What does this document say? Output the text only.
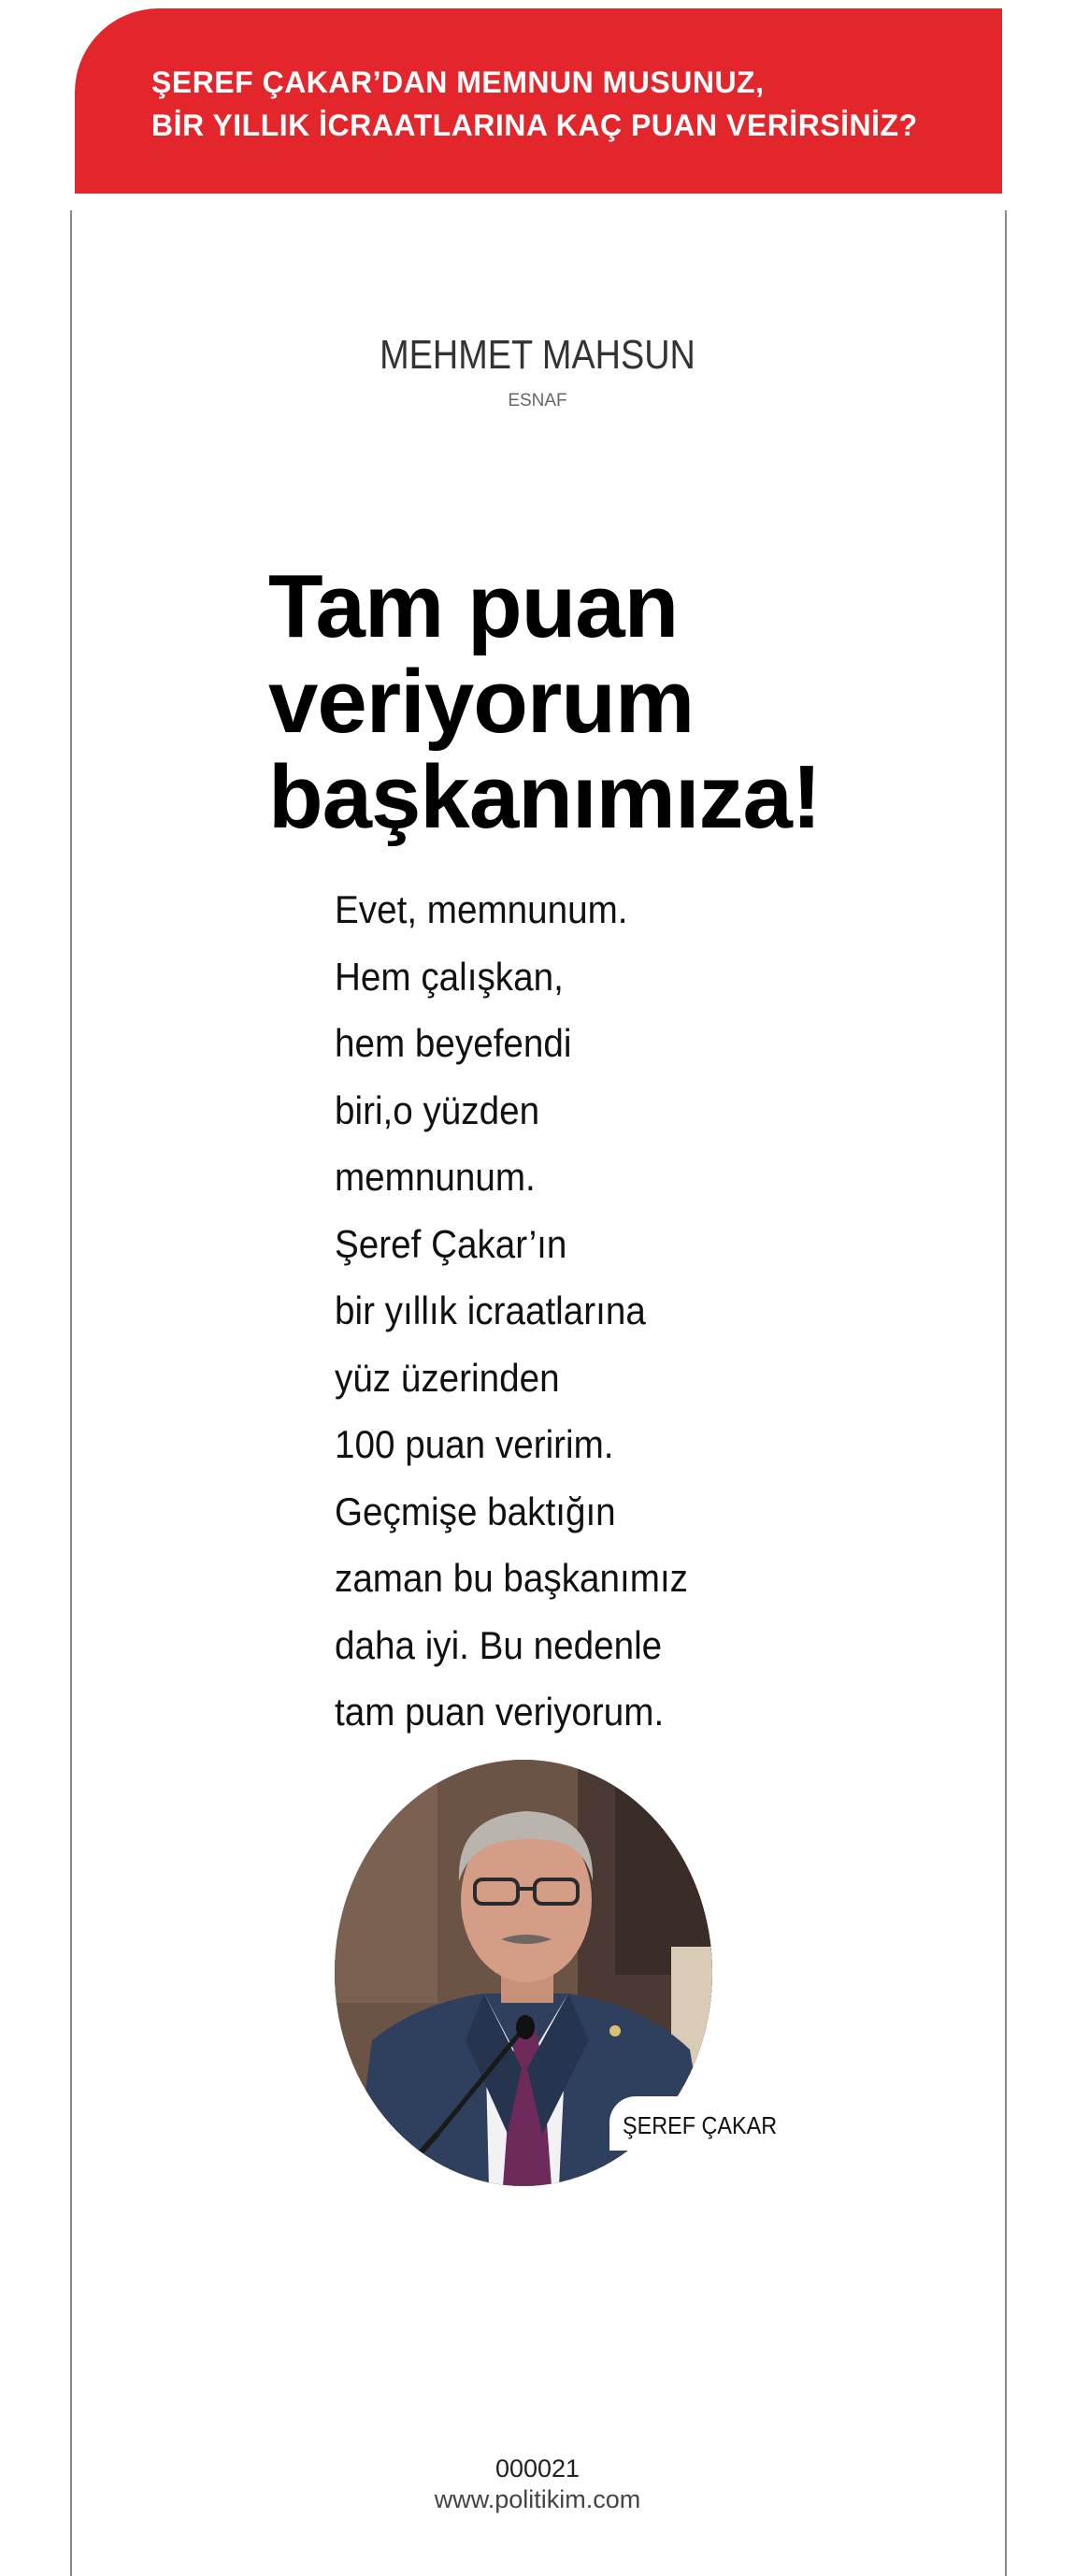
ŞEREF ÇAKAR’DAN MEMNUN MUSUNUZ,
BİR YILLIK İCRAATLARINA KAÇ PUAN VERİRSİNİZ?
MEHMET MAHSUN
ESNAF
Tam puan
veriyorum
başkanımıza!
Evet, memnunum.
Hem çalışkan,
hem beyefendi
biri,o yüzden
memnunum.
Şeref Çakar’ın
bir yıllık icraatlarına
yüz üzerinden
100 puan veririm.
Geçmişe baktığın
zaman bu başkanımız
daha iyi. Bu nedenle
tam puan veriyorum.
ŞEREF ÇAKAR
000021
www.politikim.com
